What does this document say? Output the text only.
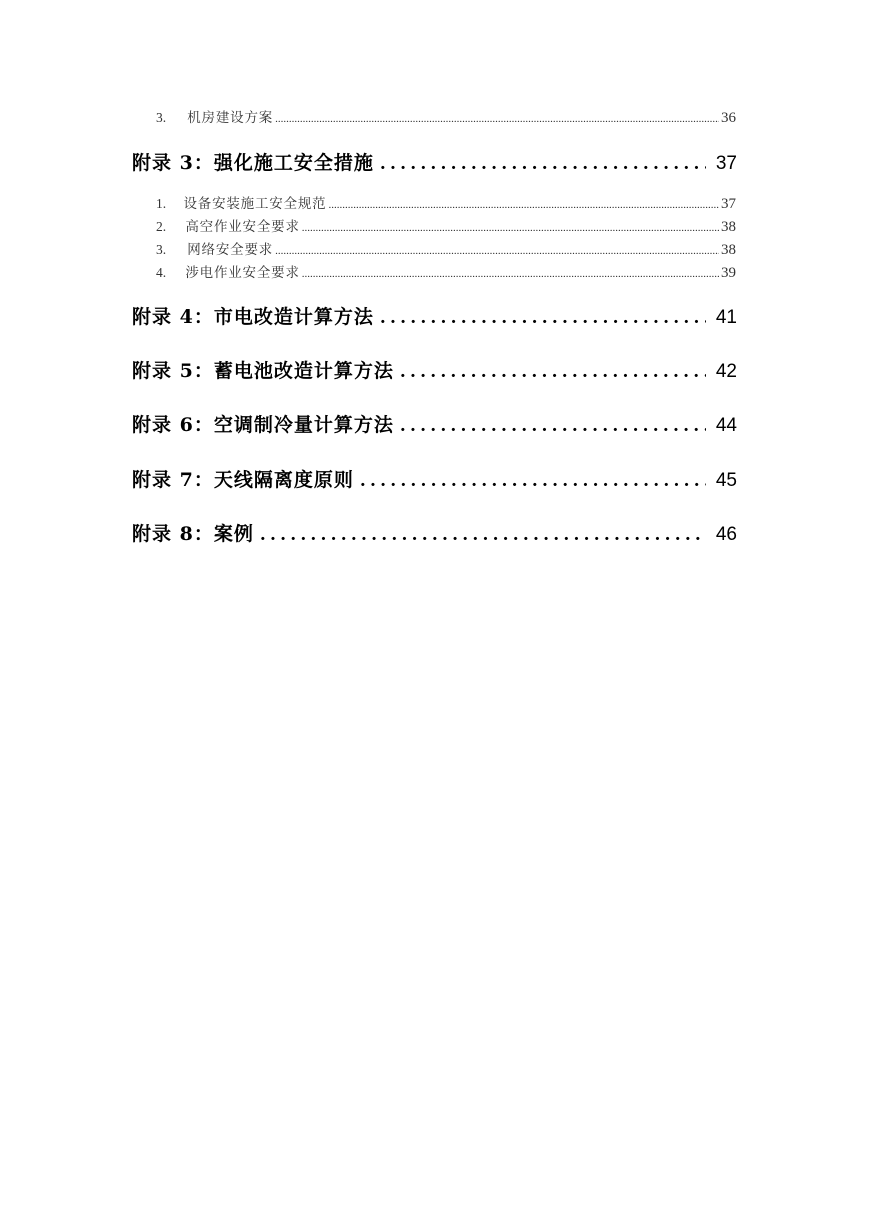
3.	机房建设方案 .....	36
附录 3：强化施工安全措施 .....	37
1.	设备安装施工安全规范 .....	37
2.	高空作业安全要求 .....	38
3.	网络安全要求 .....	38
4.	涉电作业安全要求 .....	39
附录 4：市电改造计算方法 .....	41
附录 5：蓄电池改造计算方法 .....	42
附录 6：空调制冷量计算方法 .....	44
附录 7：天线隔离度原则 .....	45
附录 8：案例 .....	46
